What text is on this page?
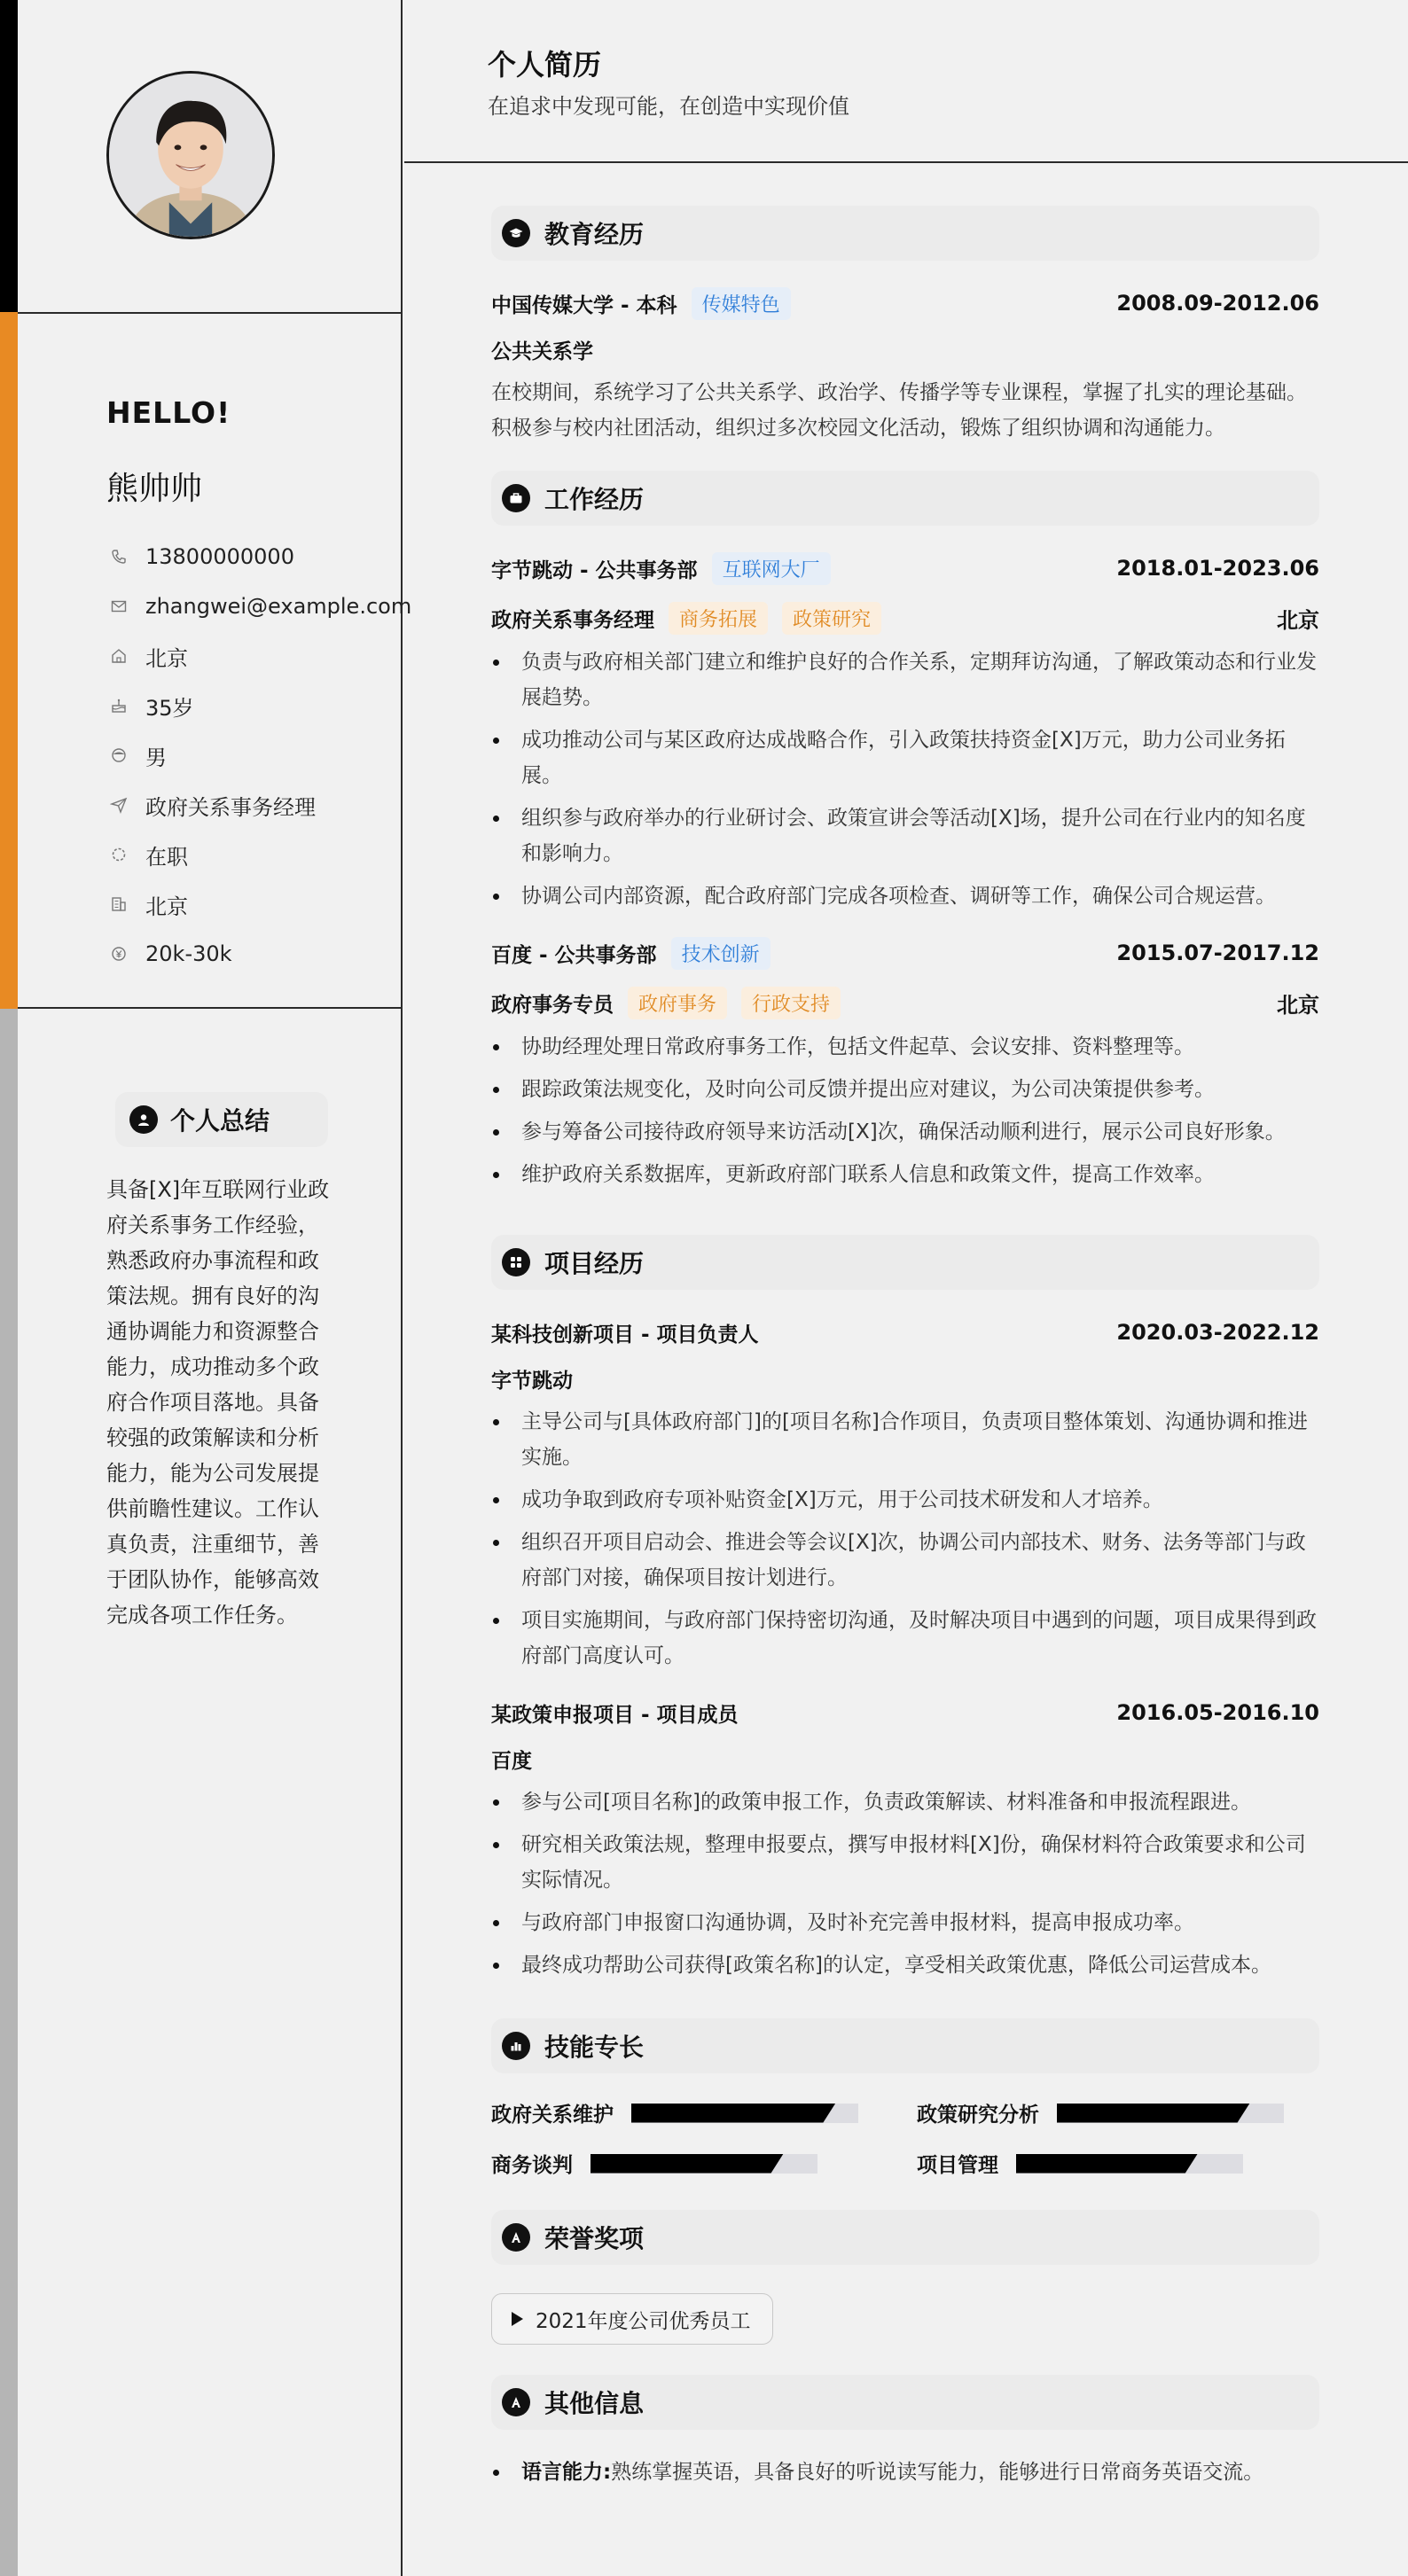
HELLO!
熊帅帅
13800000000
zhangwei@example.com
北京
35岁
男
政府关系事务经理
在职
北京
20k-30k
个人总结
具备[X]年互联网行业政府关系事务工作经验，熟悉政府办事流程和政策法规。拥有良好的沟通协调能力和资源整合能力，成功推动多个政府合作项目落地。具备较强的政策解读和分析能力，能为公司发展提供前瞻性建议。工作认真负责，注重细节，善于团队协作，能够高效完成各项工作任务。
个人简历
在追求中发现可能，在创造中实现价值
教育经历
中国传媒大学 - 本科	传媒特色	2008.09-2012.06
公共关系学
在校期间，系统学习了公共关系学、政治学、传播学等专业课程，掌握了扎实的理论基础。积极参与校内社团活动，组织过多次校园文化活动，锻炼了组织协调和沟通能力。
工作经历
字节跳动 - 公共事务部	互联网大厂	2018.01-2023.06
政府关系事务经理	商务拓展	政策研究	北京
负责与政府相关部门建立和维护良好的合作关系，定期拜访沟通，了解政策动态和行业发展趋势。
成功推动公司与某区政府达成战略合作，引入政策扶持资金[X]万元，助力公司业务拓展。
组织参与政府举办的行业研讨会、政策宣讲会等活动[X]场，提升公司在行业内的知名度和影响力。
协调公司内部资源，配合政府部门完成各项检查、调研等工作，确保公司合规运营。
百度 - 公共事务部	技术创新	2015.07-2017.12
政府事务专员	政府事务	行政支持	北京
协助经理处理日常政府事务工作，包括文件起草、会议安排、资料整理等。
跟踪政策法规变化，及时向公司反馈并提出应对建议，为公司决策提供参考。
参与筹备公司接待政府领导来访活动[X]次，确保活动顺利进行，展示公司良好形象。
维护政府关系数据库，更新政府部门联系人信息和政策文件，提高工作效率。
项目经历
某科技创新项目 - 项目负责人	2020.03-2022.12
字节跳动
主导公司与[具体政府部门]的[项目名称]合作项目，负责项目整体策划、沟通协调和推进实施。
成功争取到政府专项补贴资金[X]万元，用于公司技术研发和人才培养。
组织召开项目启动会、推进会等会议[X]次，协调公司内部技术、财务、法务等部门与政府部门对接，确保项目按计划进行。
项目实施期间，与政府部门保持密切沟通，及时解决项目中遇到的问题，项目成果得到政府部门高度认可。
某政策申报项目 - 项目成员	2016.05-2016.10
百度
参与公司[项目名称]的政策申报工作，负责政策解读、材料准备和申报流程跟进。
研究相关政策法规，整理申报要点，撰写申报材料[X]份，确保材料符合政策要求和公司实际情况。
与政府部门申报窗口沟通协调，及时补充完善申报材料，提高申报成功率。
最终成功帮助公司获得[政策名称]的认定，享受相关政策优惠，降低公司运营成本。
技能专长
政府关系维护	政策研究分析
商务谈判	项目管理
荣誉奖项
2021年度公司优秀员工
其他信息
语言能力:熟练掌握英语，具备良好的听说读写能力，能够进行日常商务英语交流。
